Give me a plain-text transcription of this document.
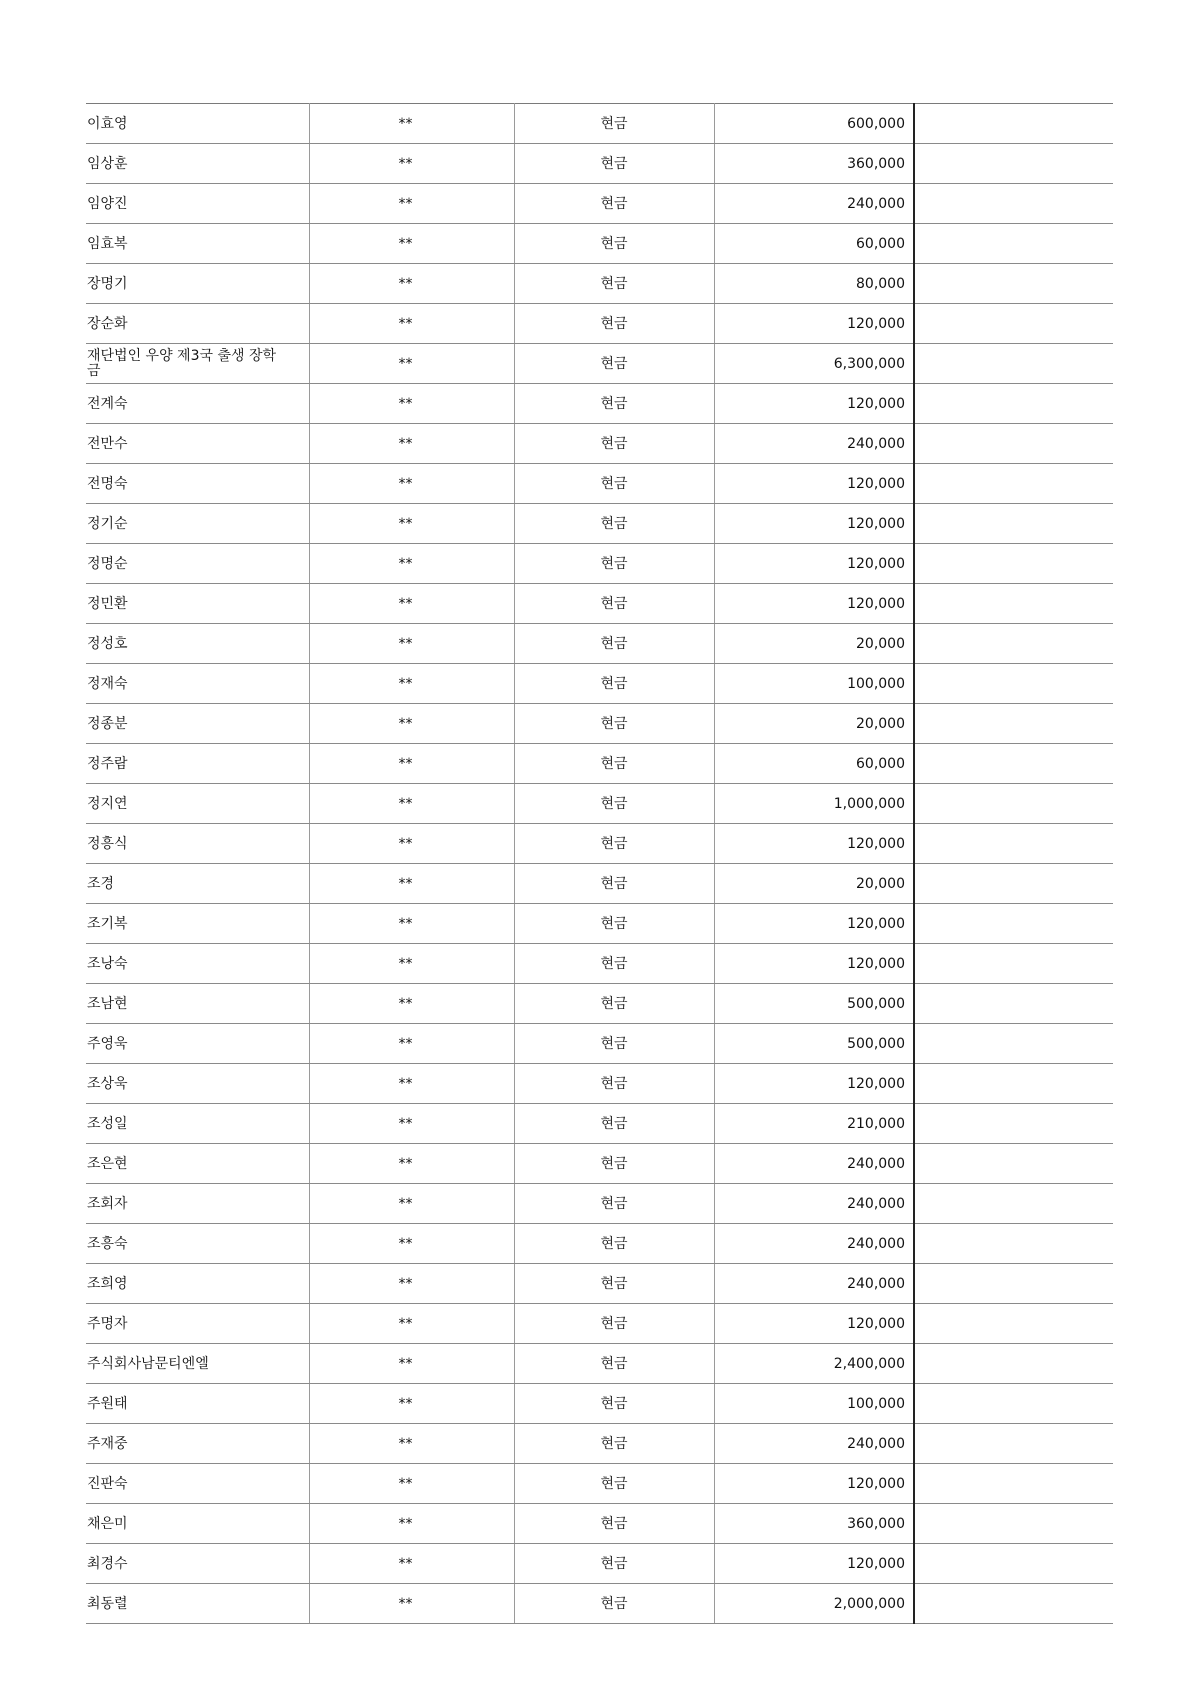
이효영	**	현금	600,000	
임상훈	**	현금	360,000	
임양진	**	현금	240,000	
임효복	**	현금	60,000	
장명기	**	현금	80,000	
장순화	**	현금	120,000	

재단법인 우양 제3국 출생 장학금	**	현금	6,300,000	
전계숙	**	현금	120,000	
전만수	**	현금	240,000	
전명숙	**	현금	120,000	
정기순	**	현금	120,000	
정명순	**	현금	120,000	
정민환	**	현금	120,000	
정성호	**	현금	20,000	
정재숙	**	현금	100,000	
정종분	**	현금	20,000	
정주람	**	현금	60,000	
정지연	**	현금	1,000,000	
정흥식	**	현금	120,000	
조경	**	현금	20,000	
조기복	**	현금	120,000	
조낭숙	**	현금	120,000	
조남현	**	현금	500,000	
주영욱	**	현금	500,000	
조상욱	**	현금	120,000	
조성일	**	현금	210,000	
조은현	**	현금	240,000	
조회자	**	현금	240,000	
조흥숙	**	현금	240,000	
조희영	**	현금	240,000	
주명자	**	현금	120,000	
주식회사남문티엔엘	**	현금	2,400,000	
주원태	**	현금	100,000	
주재중	**	현금	240,000	
진판숙	**	현금	120,000	
채은미	**	현금	360,000	
최경수	**	현금	120,000	
최동렬	**	현금	2,000,000	
